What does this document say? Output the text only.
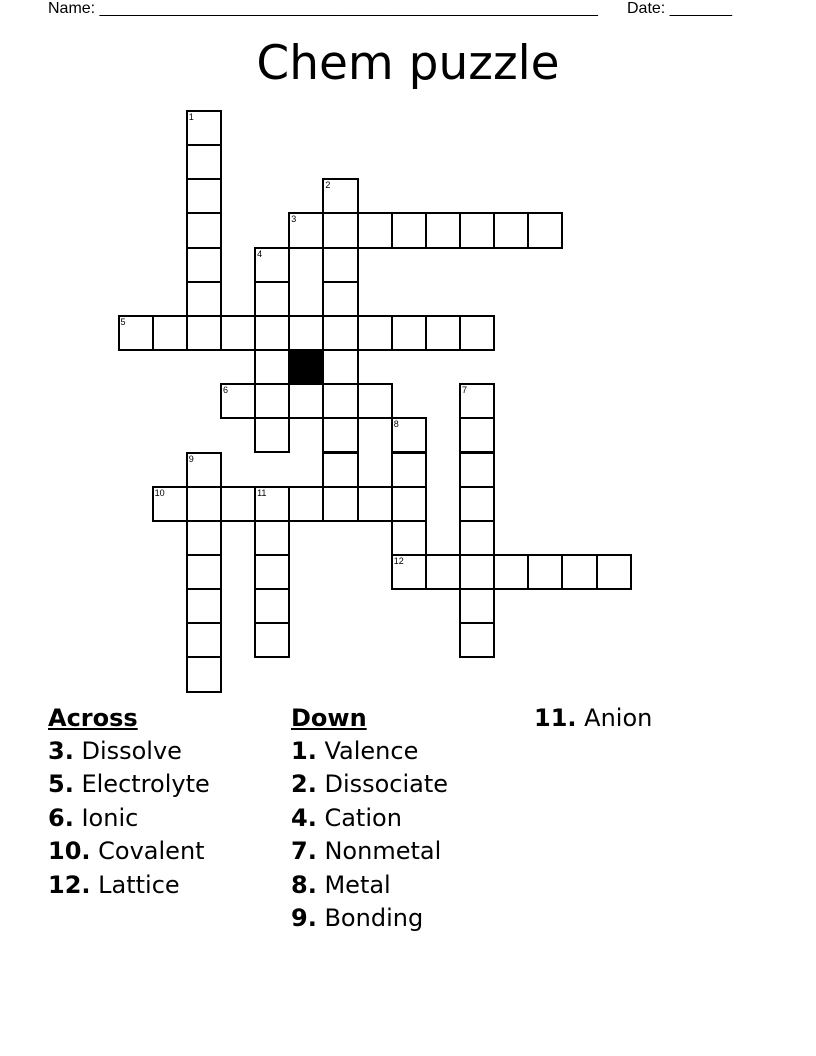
Name: ________________________________________________________ Date: _______
Chem puzzle
1
2
3
4
5
6	7
8
12
9
10	11
Across
3. Dissolve
5. Electrolyte
6. Ionic
10. Covalent
12. Lattice
Down
1. Valence
2. Dissociate
4. Cation
7. Nonmetal
8. Metal
9. Bonding
11. Anion
